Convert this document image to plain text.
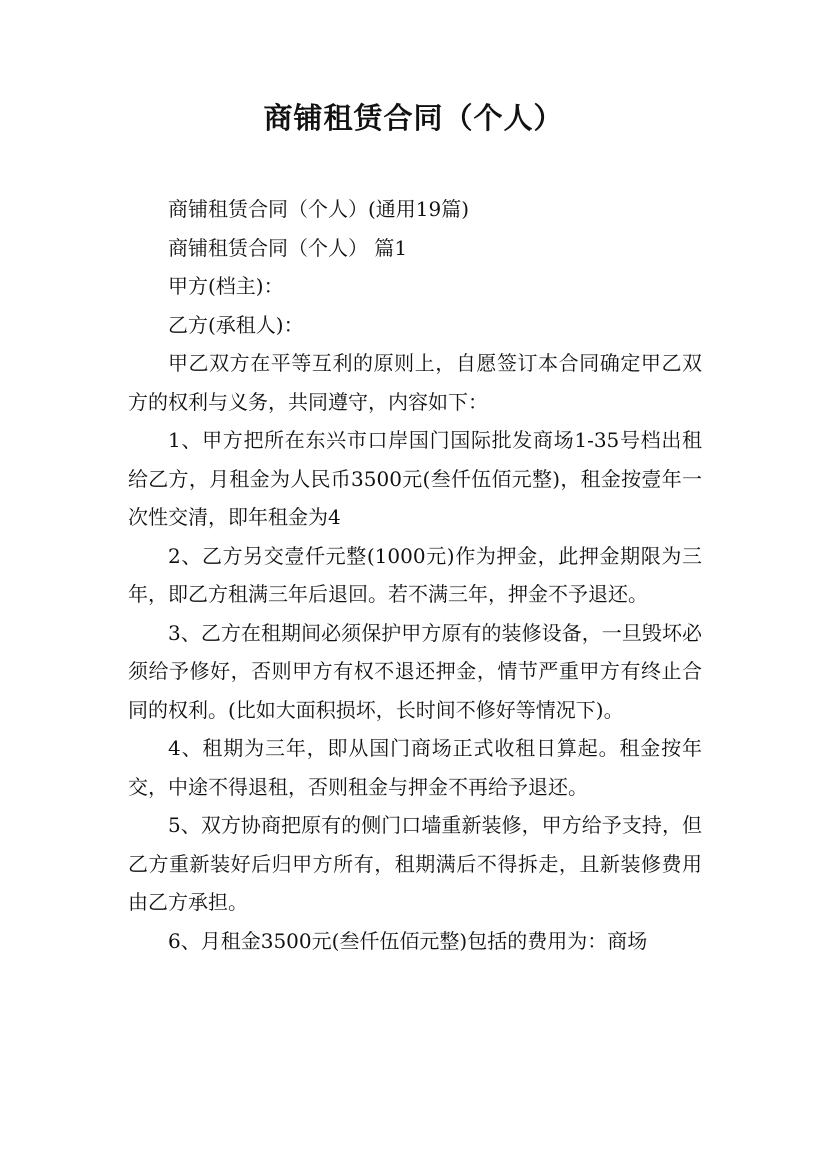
商铺租赁合同（个人）

商铺租赁合同（个人）(通用19篇)

商铺租赁合同（个人） 篇1

甲方(档主)：

乙方(承租人)：

甲乙双方在平等互利的原则上，自愿签订本合同确定甲乙双方的权利与义务，共同遵守，内容如下：

1、甲方把所在东兴市口岸国门国际批发商场1-35号档出租给乙方，月租金为人民币3500元(叁仟伍佰元整)，租金按壹年一次性交清，即年租金为4

2、乙方另交壹仟元整(1000元)作为押金，此押金期限为三年，即乙方租满三年后退回。若不满三年，押金不予退还。

3、乙方在租期间必须保护甲方原有的装修设备，一旦毁坏必须给予修好，否则甲方有权不退还押金，情节严重甲方有终止合同的权利。(比如大面积损坏，长时间不修好等情况下)。

4、租期为三年，即从国门商场正式收租日算起。租金按年交，中途不得退租，否则租金与押金不再给予退还。

5、双方协商把原有的侧门口墙重新装修，甲方给予支持，但乙方重新装好后归甲方所有，租期满后不得拆走，且新装修费用由乙方承担。

6、月租金3500元(叁仟伍佰元整)包括的费用为：商场
